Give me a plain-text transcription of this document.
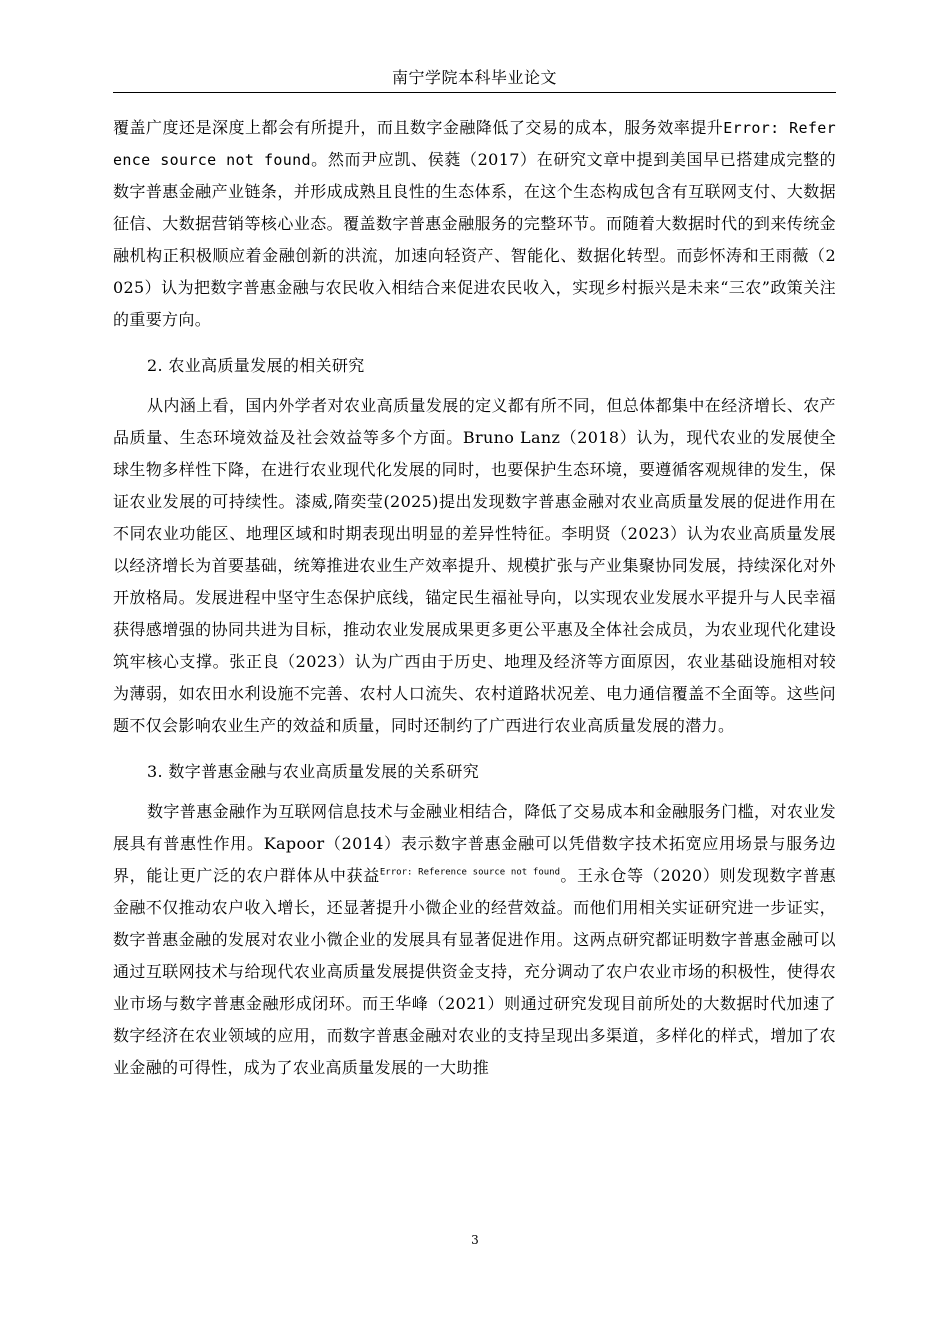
南宁学院本科毕业论文

覆盖广度还是深度上都会有所提升，而且数字金融降低了交易的成本，服务效率提升Error: Reference source not found。然而尹应凯、侯蕤（2017）在研究文章中提到美国早已搭建成完整的数字普惠金融产业链条，并形成成熟且良性的生态体系，在这个生态构成包含有互联网支付、大数据征信、大数据营销等核心业态。覆盖数字普惠金融服务的完整环节。而随着大数据时代的到来传统金融机构正积极顺应着金融创新的洪流，加速向轻资产、智能化、数据化转型。而彭怀涛和王雨薇（2025）认为把数字普惠金融与农民收入相结合来促进农民收入，实现乡村振兴是未来“三农”政策关注的重要方向。

2. 农业高质量发展的相关研究

从内涵上看，国内外学者对农业高质量发展的定义都有所不同，但总体都集中在经济增长、农产品质量、生态环境效益及社会效益等多个方面。Bruno Lanz（2018）认为，现代农业的发展使全球生物多样性下降，在进行农业现代化发展的同时，也要保护生态环境，要遵循客观规律的发生，保证农业发展的可持续性。漆威,隋奕莹(2025)提出发现数字普惠金融对农业高质量发展的促进作用在不同农业功能区、地理区域和时期表现出明显的差异性特征。李明贤（2023）认为农业高质量发展以经济增长为首要基础，统筹推进农业生产效率提升、规模扩张与产业集聚协同发展，持续深化对外开放格局。发展进程中坚守生态保护底线，锚定民生福祉导向，以实现农业发展水平提升与人民幸福获得感增强的协同共进为目标，推动农业发展成果更多更公平惠及全体社会成员，为农业现代化建设筑牢核心支撑。张正良（2023）认为广西由于历史、地理及经济等方面原因，农业基础设施相对较为薄弱，如农田水利设施不完善、农村人口流失、农村道路状况差、电力通信覆盖不全面等。这些问题不仅会影响农业生产的效益和质量，同时还制约了广西进行农业高质量发展的潜力。

3. 数字普惠金融与农业高质量发展的关系研究

数字普惠金融作为互联网信息技术与金融业相结合，降低了交易成本和金融服务门槛，对农业发展具有普惠性作用。Kapoor（2014）表示数字普惠金融可以凭借数字技术拓宽应用场景与服务边界，能让更广泛的农户群体从中获益$^{Error: Reference source not found}$。王永仓等（2020）则发现数字普惠金融不仅推动农户收入增长，还显著提升小微企业的经营效益。而他们用相关实证研究进一步证实，数字普惠金融的发展对农业小微企业的发展具有显著促进作用。这两点研究都证明数字普惠金融可以通过互联网技术与给现代农业高质量发展提供资金支持，充分调动了农户农业市场的积极性，使得农业市场与数字普惠金融形成闭环。而王华峰（2021）则通过研究发现目前所处的大数据时代加速了数字经济在农业领域的应用，而数字普惠金融对农业的支持呈现出多渠道，多样化的样式，增加了农业金融的可得性，成为了农业高质量发展的一大助推

3
